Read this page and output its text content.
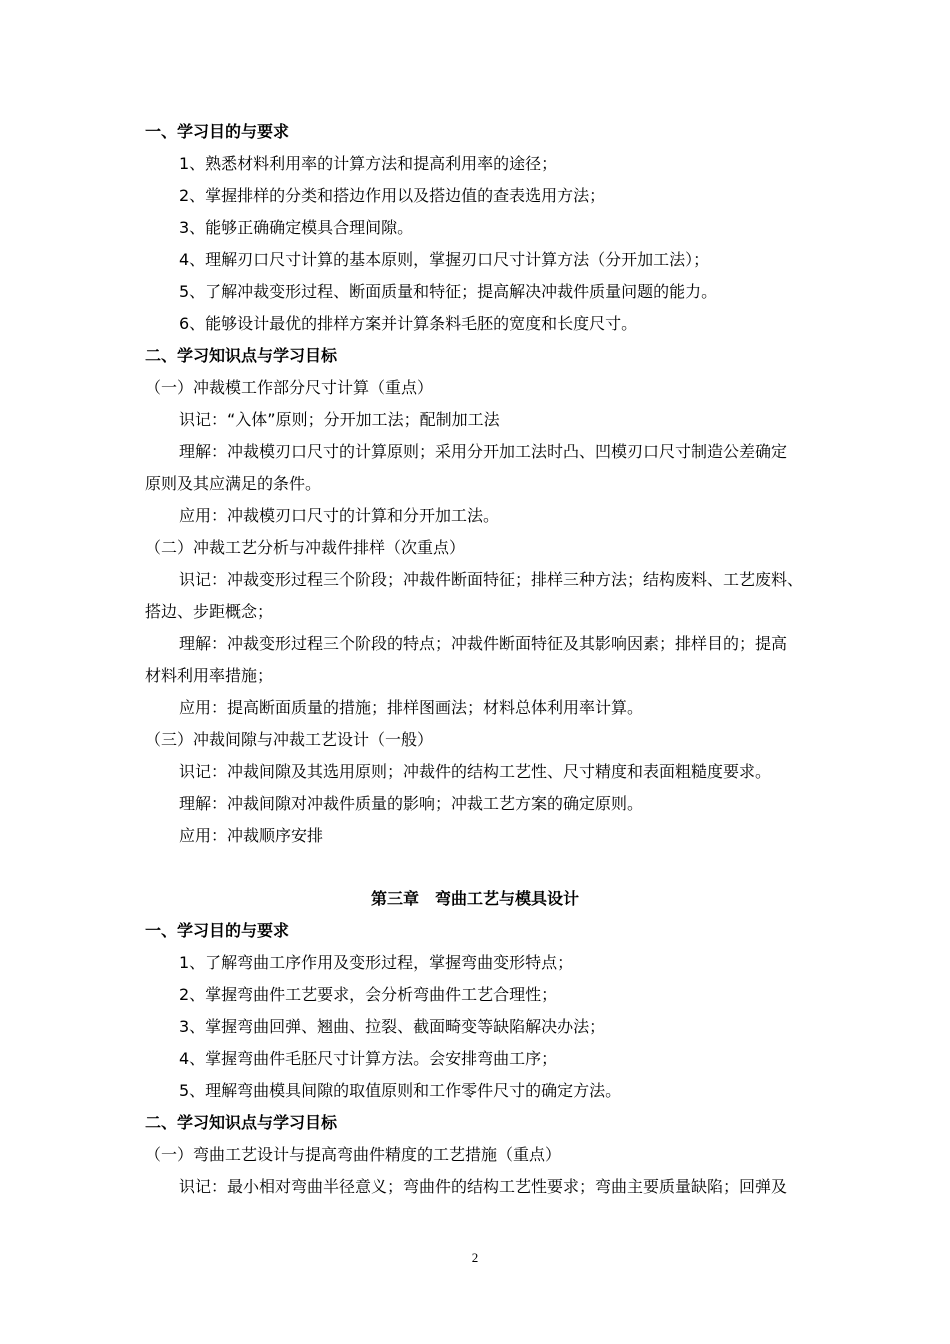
一、学习目的与要求
1、熟悉材料利用率的计算方法和提高利用率的途径；
2、掌握排样的分类和搭边作用以及搭边值的查表选用方法；
3、能够正确确定模具合理间隙。
4、理解刃口尺寸计算的基本原则，掌握刃口尺寸计算方法（分开加工法）；
5、了解冲裁变形过程、断面质量和特征；提高解决冲裁件质量问题的能力。
6、能够设计最优的排样方案并计算条料毛胚的宽度和长度尺寸。
二、学习知识点与学习目标
（一）冲裁模工作部分尺寸计算（重点）
识记：“入体”原则；分开加工法；配制加工法
理解：冲裁模刃口尺寸的计算原则；采用分开加工法时凸、凹模刃口尺寸制造公差确定
原则及其应满足的条件。
应用：冲裁模刃口尺寸的计算和分开加工法。
（二）冲裁工艺分析与冲裁件排样（次重点）
识记：冲裁变形过程三个阶段；冲裁件断面特征；排样三种方法；结构废料、工艺废料、
搭边、步距概念；
理解：冲裁变形过程三个阶段的特点；冲裁件断面特征及其影响因素；排样目的；提高
材料利用率措施；
应用：提高断面质量的措施；排样图画法；材料总体利用率计算。
（三）冲裁间隙与冲裁工艺设计（一般）
识记：冲裁间隙及其选用原则；冲裁件的结构工艺性、尺寸精度和表面粗糙度要求。
理解：冲裁间隙对冲裁件质量的影响；冲裁工艺方案的确定原则。
应用：冲裁顺序安排
第三章　弯曲工艺与模具设计
一、学习目的与要求
1、了解弯曲工序作用及变形过程，掌握弯曲变形特点；
2、掌握弯曲件工艺要求，会分析弯曲件工艺合理性；
3、掌握弯曲回弹、翘曲、拉裂、截面畸变等缺陷解决办法；
4、掌握弯曲件毛胚尺寸计算方法。会安排弯曲工序；
5、理解弯曲模具间隙的取值原则和工作零件尺寸的确定方法。
二、学习知识点与学习目标
（一）弯曲工艺设计与提高弯曲件精度的工艺措施（重点）
识记：最小相对弯曲半径意义；弯曲件的结构工艺性要求；弯曲主要质量缺陷；回弹及
2
